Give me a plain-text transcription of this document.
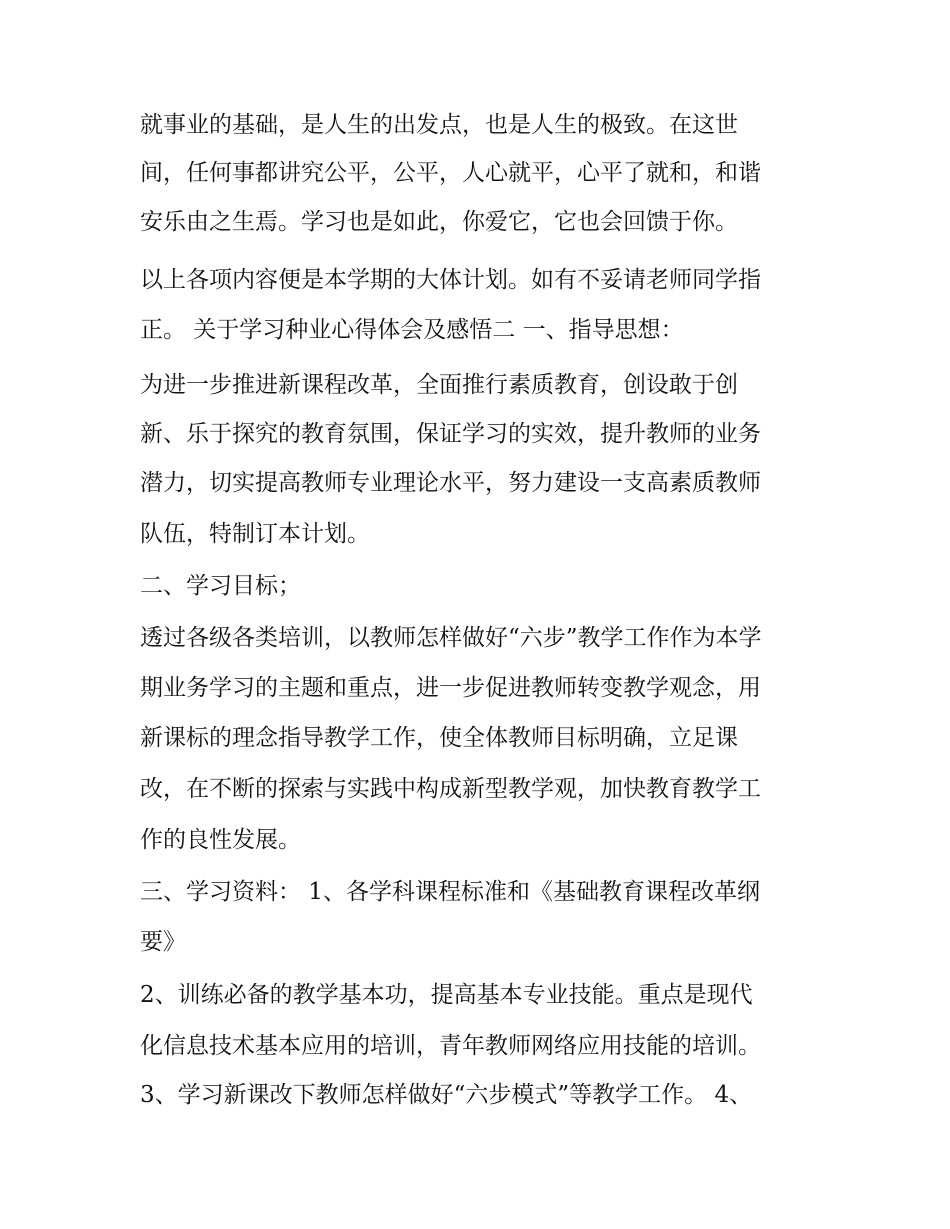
就事业的基础，是人生的出发点，也是人生的极致。在这世
间，任何事都讲究公平，公平，人心就平，心平了就和，和谐
安乐由之生焉。学习也是如此，你爱它，它也会回馈于你。
以上各项内容便是本学期的大体计划。如有不妥请老师同学指
正。 关于学习种业心得体会及感悟二 一、指导思想：
为进一步推进新课程改革，全面推行素质教育，创设敢于创
新、乐于探究的教育氛围，保证学习的实效，提升教师的业务
潜力，切实提高教师专业理论水平，努力建设一支高素质教师
队伍，特制订本计划。
二、学习目标；
透过各级各类培训，以教师怎样做好“六步”教学工作作为本学
期业务学习的主题和重点，进一步促进教师转变教学观念，用
新课标的理念指导教学工作，使全体教师目标明确，立足课
改，在不断的探索与实践中构成新型教学观，加快教育教学工
作的良性发展。
三、学习资料： 1、各学科课程标准和《基础教育课程改革纲
要》
2、训练必备的教学基本功，提高基本专业技能。重点是现代
化信息技术基本应用的培训，青年教师网络应用技能的培训。
3、学习新课改下教师怎样做好“六步模式”等教学工作。 4、
